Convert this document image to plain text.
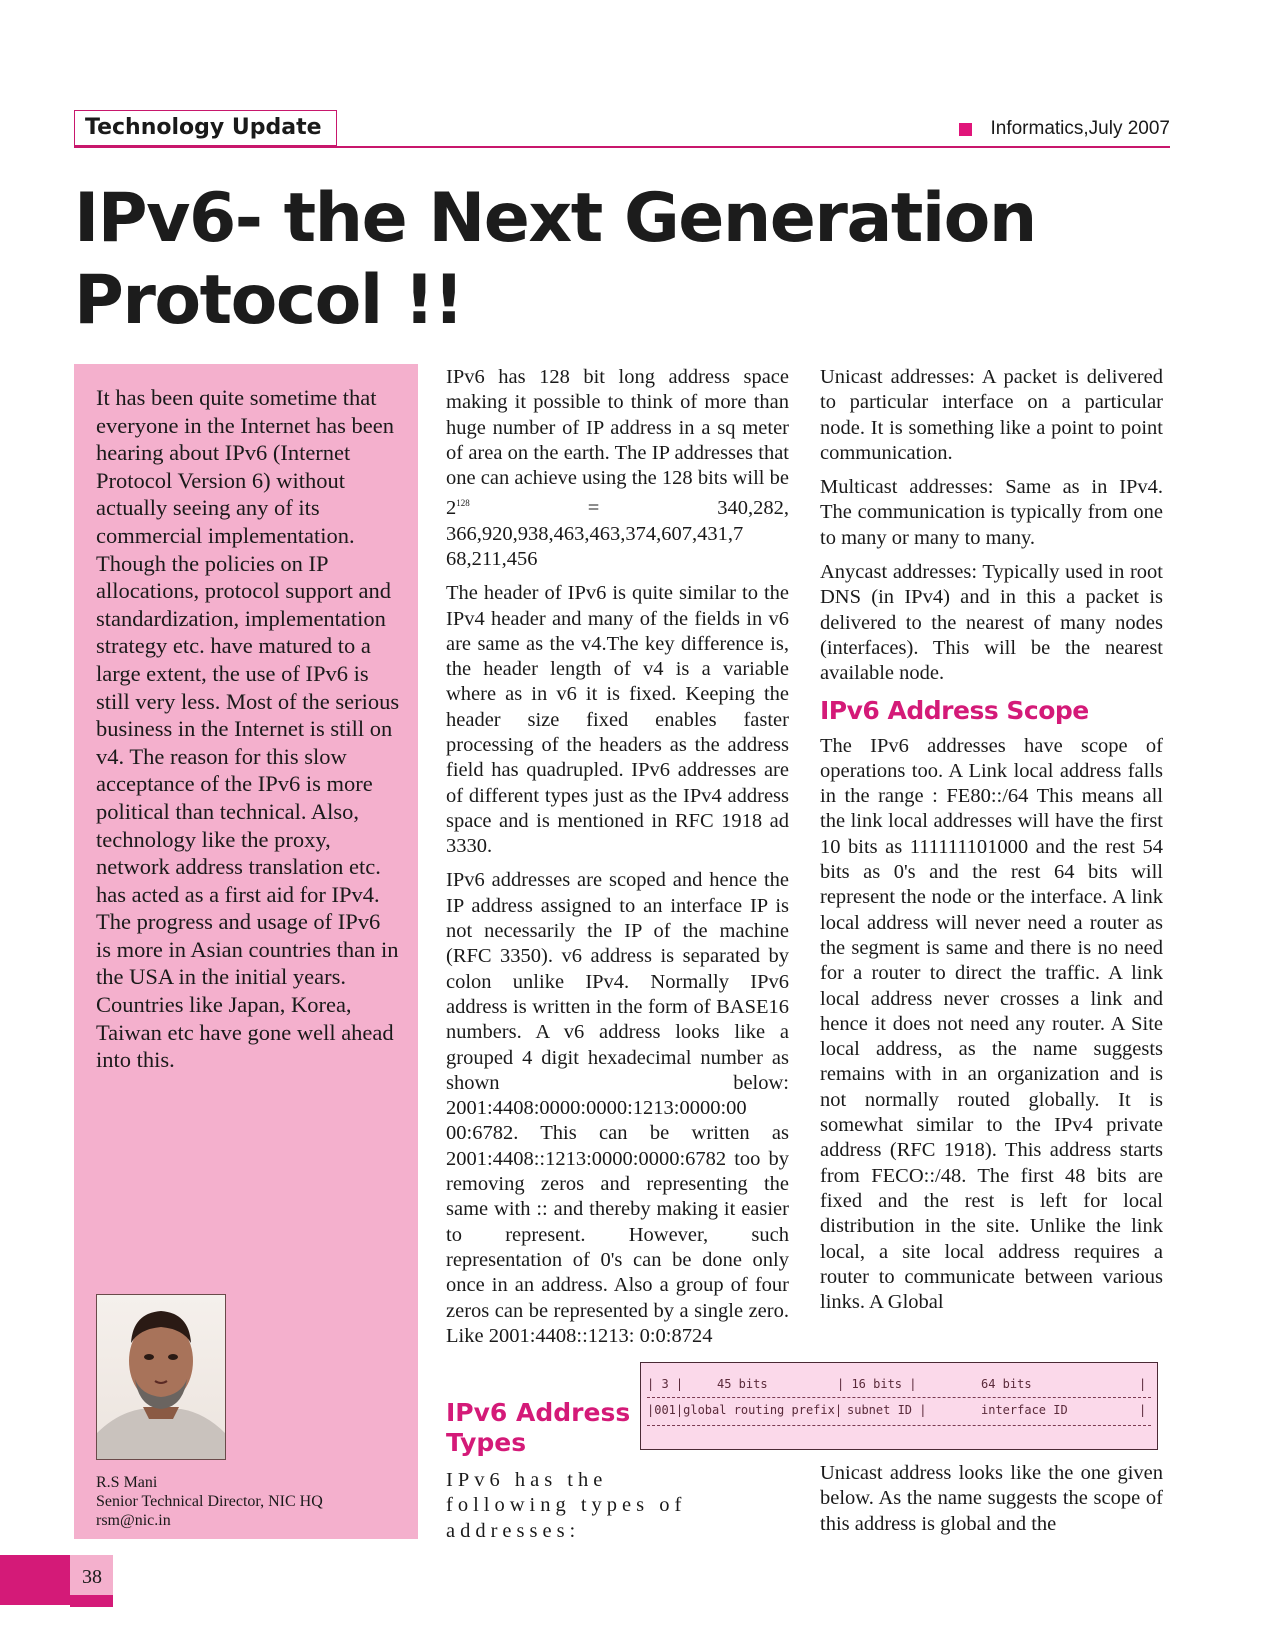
Technology Update	Informatics,July 2007
IPv6- the Next Generation Protocol !!

It has been quite sometime that everyone in the Internet has been hearing about IPv6 (Internet Protocol Version 6) without actually seeing any of its commercial implementation. Though the policies on IP allocations, protocol support and standardization, implementation strategy etc. have matured to a large extent, the use of IPv6 is still very less. Most of the serious business in the Internet is still on v4. The reason for this slow acceptance of the IPv6 is more political than technical. Also, technology like the proxy, network address translation etc. has acted as a first aid for IPv4. The progress and usage of IPv6 is more in Asian countries than in the USA in the initial years. Countries like Japan, Korea, Taiwan etc have gone well ahead into this.

R.S Mani
Senior Technical Director, NIC HQ
rsm@nic.in

IPv6 has 128 bit long address space making it possible to think of more than huge number of IP address in a sq meter of area on the earth. The IP addresses that one can achieve using the 128 bits will be $2^{128} = 340,282$, 366,920,938,463,463,374,607,431,7 68,211,456

The header of IPv6 is quite similar to the IPv4 header and many of the fields in v6 are same as the v4.The key difference is, the header length of v4 is a variable where as in v6 it is fixed. Keeping the header size fixed enables faster processing of the headers as the address field has quadrupled. IPv6 addresses are of different types just as the IPv4 address space and is mentioned in RFC 1918 ad 3330.

IPv6 addresses are scoped and hence the IP address assigned to an interface IP is not necessarily the IP of the machine (RFC 3350). v6 address is separated by colon unlike IPv4. Normally IPv6 address is written in the form of BASE16 numbers. A v6 address looks like a grouped 4 digit hexadecimal number as shown below: 2001:4408:0000:0000:1213:0000:00 00:6782. This can be written as 2001:4408::1213:0000:0000:6782 too by removing zeros and representing the same with :: and thereby making it easier to represent. However, such representation of 0's can be done only once in an address. Also a group of four zeros can be represented by a single zero. Like 2001:4408::1213: 0:0:8724

IPv6 Address Types
IPv6 has the following types of addresses:

Unicast addresses: A packet is delivered to particular interface on a particular node. It is something like a point to point communication.

Multicast addresses: Same as in IPv4. The communication is typically from one to many or many to many.

Anycast addresses: Typically used in root DNS (in IPv4) and in this a packet is delivered to the nearest of many nodes (interfaces). This will be the nearest available node.

IPv6 Address Scope

The IPv6 addresses have scope of operations too. A Link local address falls in the range : FE80::/64 This means all the link local addresses will have the first 10 bits as 111111101000 and the rest 54 bits as 0's and the rest 64 bits will represent the node or the interface. A link local address will never need a router as the segment is same and there is no need for a router to direct the traffic. A link local address never crosses a link and hence it does not need any router. A Site local address, as the name suggests remains with in an organization and is not normally routed globally. It is somewhat similar to the IPv4 private address (RFC 1918). This address starts from FECO::/48. The first 48 bits are fixed and the rest is left for local distribution in the site. Unlike the link local, a site local address requires a router to communicate between various links. A Global

| 3 |	45 bits	| 16 bits |	64 bits	|
|001|global routing prefix| subnet ID |	interface ID	|
Unicast address looks like the one given below. As the name suggests the scope of this address is global and the
38
